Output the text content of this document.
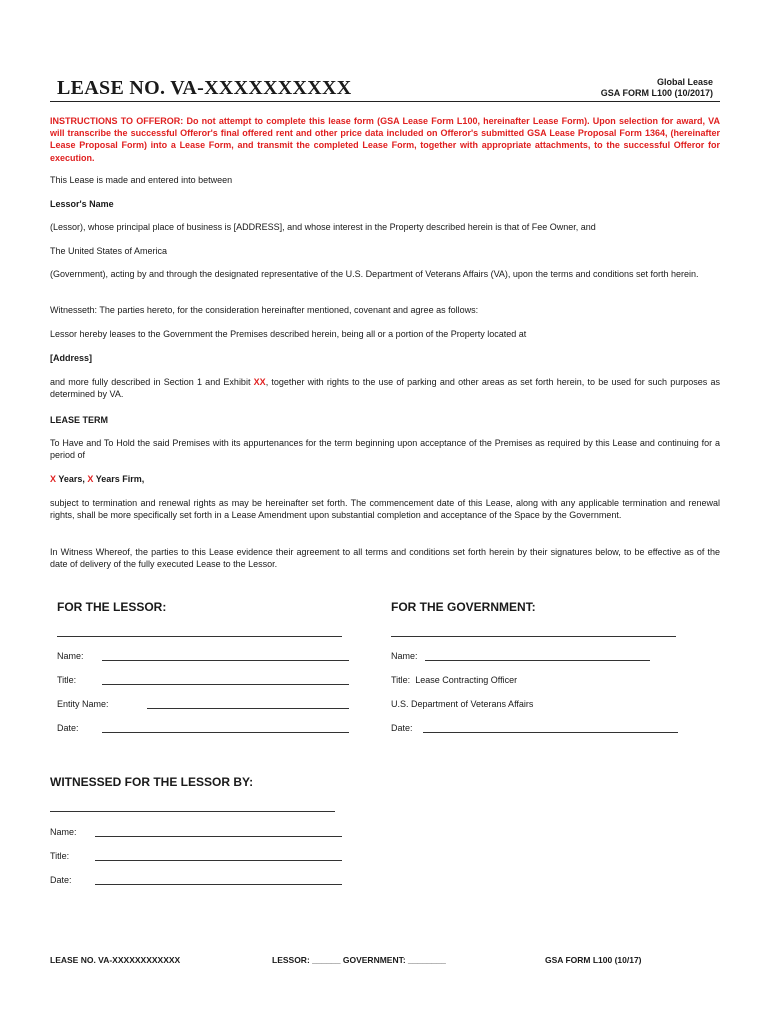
LEASE NO. VA-XXXXXXXXXX	Global Lease
GSA FORM L100 (10/2017)
INSTRUCTIONS TO OFFEROR: Do not attempt to complete this lease form (GSA Lease Form L100, hereinafter Lease Form). Upon selection for award, VA will transcribe the successful Offeror's final offered rent and other price data included on Offeror's submitted GSA Lease Proposal Form 1364, (hereinafter Lease Proposal Form) into a Lease Form, and transmit the completed Lease Form, together with appropriate attachments, to the successful Offeror for execution.
This Lease is made and entered into between
Lessor's Name
(Lessor), whose principal place of business is [ADDRESS], and whose interest in the Property described herein is that of Fee Owner, and
The United States of America
(Government), acting by and through the designated representative of the U.S. Department of Veterans Affairs (VA), upon the terms and conditions set forth herein.
Witnesseth: The parties hereto, for the consideration hereinafter mentioned, covenant and agree as follows:
Lessor hereby leases to the Government the Premises described herein, being all or a portion of the Property located at
[Address]
and more fully described in Section 1 and Exhibit XX, together with rights to the use of parking and other areas as set forth herein, to be used for such purposes as determined by VA.
LEASE TERM
To Have and To Hold the said Premises with its appurtenances for the term beginning upon acceptance of the Premises as required by this Lease and continuing for a period of
X Years, X Years Firm,
subject to termination and renewal rights as may be hereinafter set forth. The commencement date of this Lease, along with any applicable termination and renewal rights, shall be more specifically set forth in a Lease Amendment upon substantial completion and acceptance of the Space by the Government.
In Witness Whereof, the parties to this Lease evidence their agreement to all terms and conditions set forth herein by their signatures below, to be effective as of the date of delivery of the fully executed Lease to the Lessor.
FOR THE LESSOR:
Name:
Title:
Entity Name:
Date:
FOR THE GOVERNMENT:
Name:
Title: Lease Contracting Officer
U.S. Department of Veterans Affairs
Date:
WITNESSED FOR THE LESSOR BY:
Name:
Title:
Date:
LEASE NO. VA-XXXXXXXXXXXX	LESSOR: ______ GOVERNMENT: ________	GSA FORM L100 (10/17)
